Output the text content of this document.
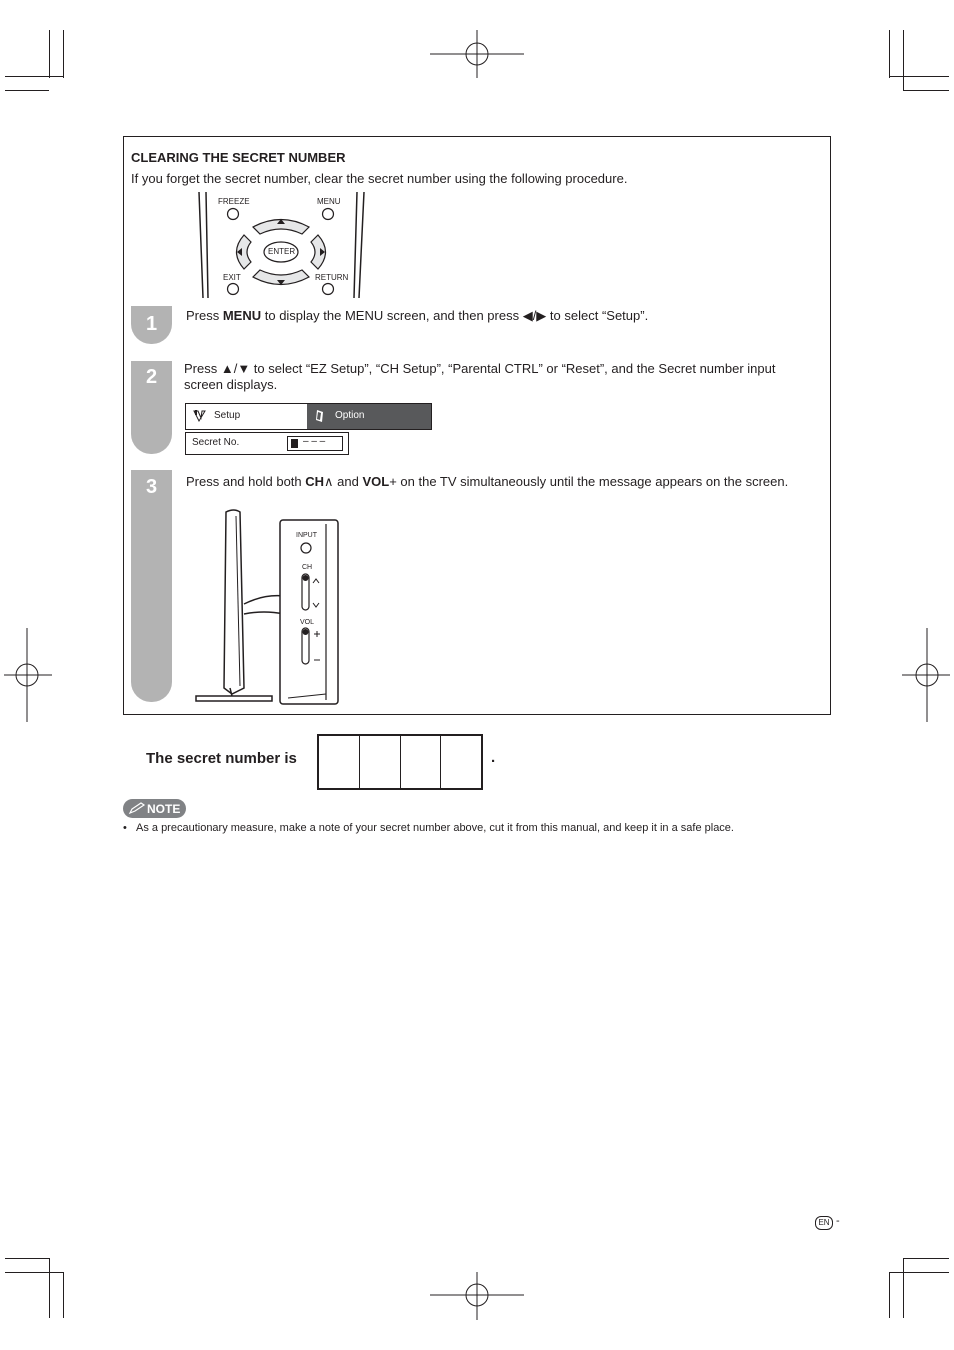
CLEARING THE SECRET NUMBER
If you forget the secret number, clear the secret number using the following procedure.
FREEZE	MENU
ENTER
EXIT	RETURN
1	Press MENU to display the MENU screen, and then press ◀/▶ to select “Setup”.
2	Press ▲/▼ to select “EZ Setup”, “CH Setup”, “Parental CTRL” or “Reset”, and the Secret number input screen displays.
Setup	Option
Secret No.	– – –
3	Press and hold both CH∧ and VOL+ on the TV simultaneously until the message appears on the screen.
INPUT
CH
VOL
The secret number is	.
NOTE
• As a precautionary measure, make a note of your secret number above, cut it from this manual, and keep it in a safe place.
EN -
